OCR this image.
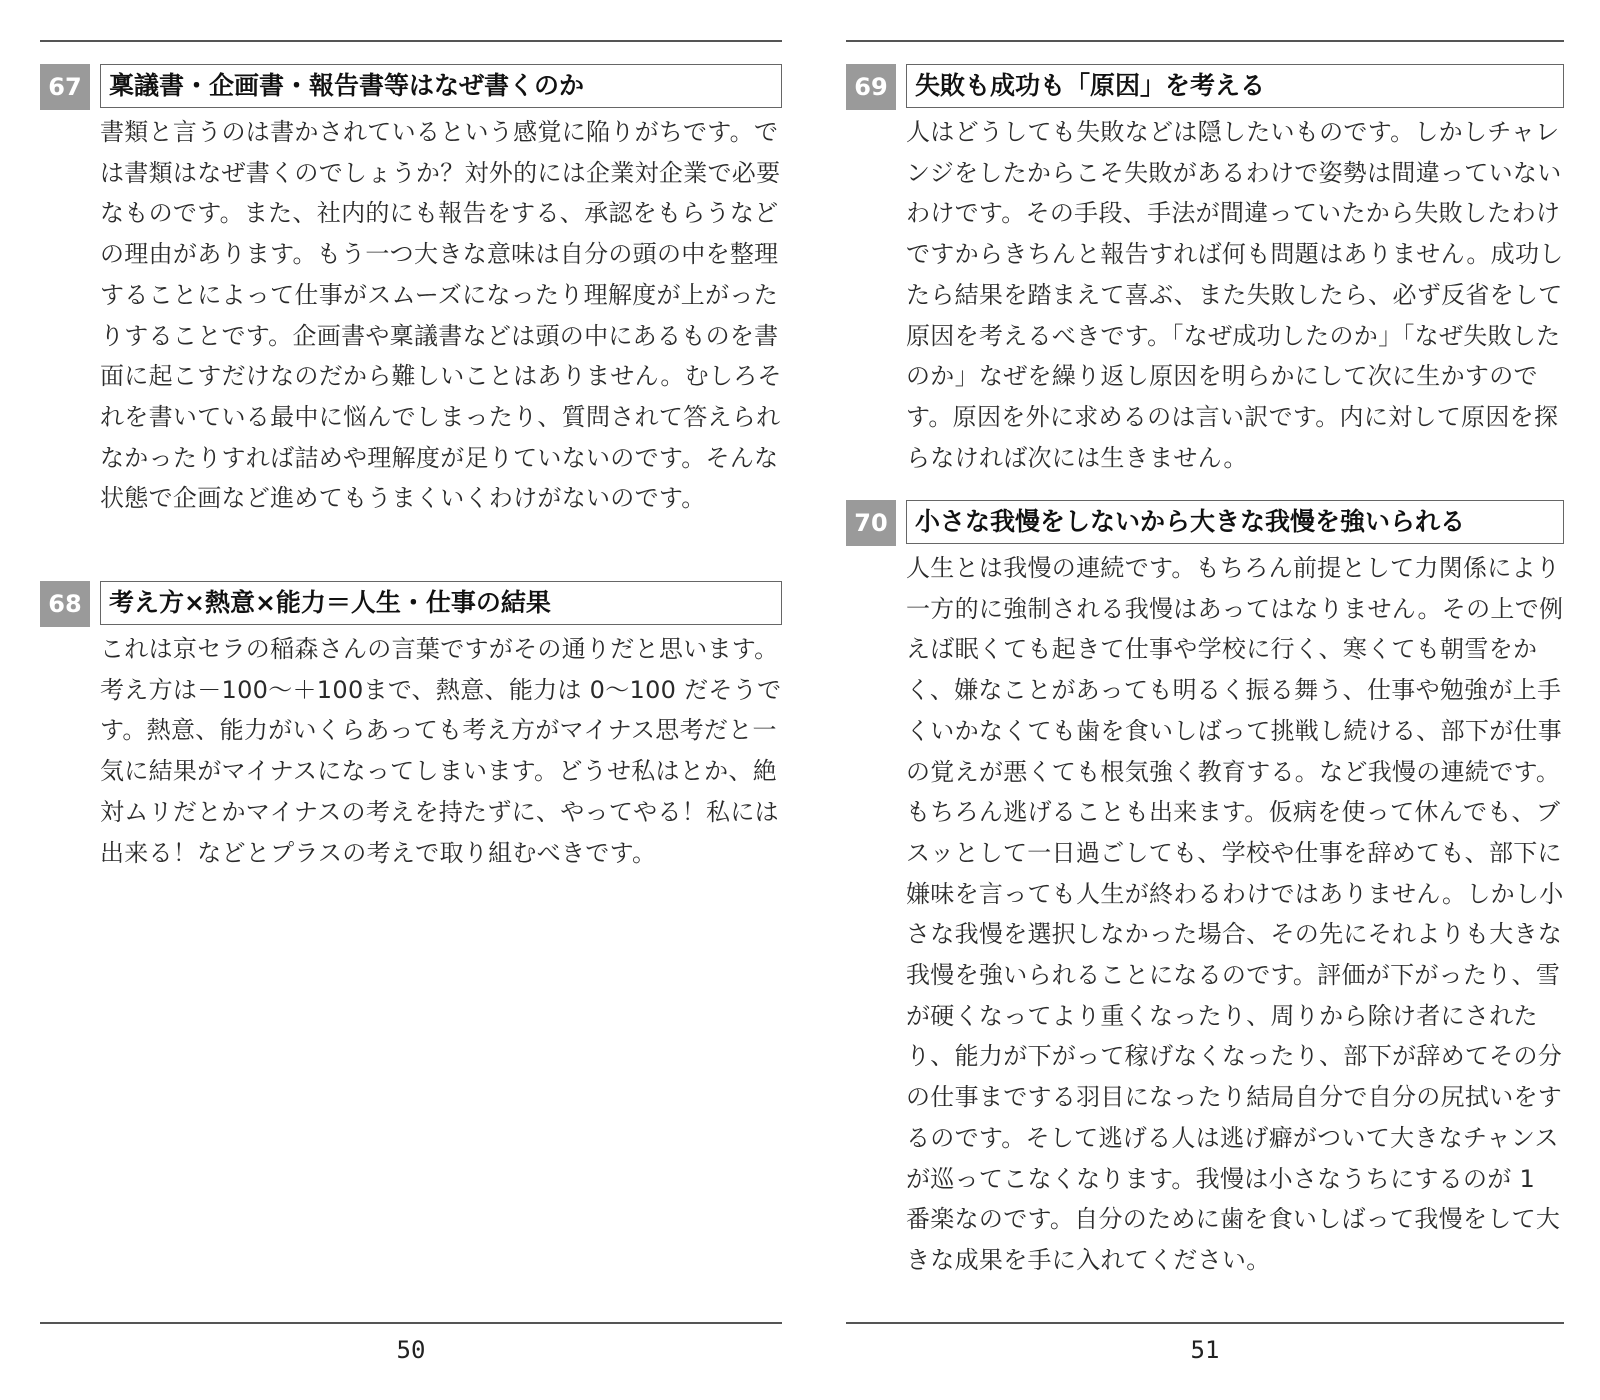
67	稟議書・企画書・報告書等はなぜ書くのか
書類と言うのは書かされているという感覚に陥りがちです。では書類はなぜ書くのでしょうか？対外的には企業対企業で必要なものです。また、社内的にも報告をする、承認をもらうなどの理由があります。もう一つ大きな意味は自分の頭の中を整理することによって仕事がスムーズになったり理解度が上がったりすることです。企画書や稟議書などは頭の中にあるものを書面に起こすだけなのだから難しいことはありません。むしろそれを書いている最中に悩んでしまったり、質問されて答えられなかったりすれば詰めや理解度が足りていないのです。そんな状態で企画など進めてもうまくいくわけがないのです。
68	考え方×熱意×能力＝人生・仕事の結果
これは京セラの稲森さんの言葉ですがその通りだと思います。考え方は－100～＋100まで、熱意、能力は 0～100 だそうです。熱意、能力がいくらあっても考え方がマイナス思考だと一気に結果がマイナスになってしまいます。どうせ私はとか、絶対ムリだとかマイナスの考えを持たずに、やってやる！私には出来る！などとプラスの考えで取り組むべきです。
50
69	失敗も成功も「原因」を考える
人はどうしても失敗などは隠したいものです。しかしチャレンジをしたからこそ失敗があるわけで姿勢は間違っていないわけです。その手段、手法が間違っていたから失敗したわけですからきちんと報告すれば何も問題はありません。成功したら結果を踏まえて喜ぶ、また失敗したら、必ず反省をして原因を考えるべきです。「なぜ成功したのか」「なぜ失敗したのか」なぜを繰り返し原因を明らかにして次に生かすのです。原因を外に求めるのは言い訳です。内に対して原因を探らなければ次には生きません。
70	小さな我慢をしないから大きな我慢を強いられる
人生とは我慢の連続です。もちろん前提として力関係により一方的に強制される我慢はあってはなりません。その上で例えば眠くても起きて仕事や学校に行く、寒くても朝雪をかく、嫌なことがあっても明るく振る舞う、仕事や勉強が上手くいかなくても歯を食いしばって挑戦し続ける、部下が仕事の覚えが悪くても根気強く教育する。など我慢の連続です。もちろん逃げることも出来ます。仮病を使って休んでも、ブスッとして一日過ごしても、学校や仕事を辞めても、部下に嫌味を言っても人生が終わるわけではありません。しかし小さな我慢を選択しなかった場合、その先にそれよりも大きな我慢を強いられることになるのです。評価が下がったり、雪が硬くなってより重くなったり、周りから除け者にされたり、能力が下がって稼げなくなったり、部下が辞めてその分の仕事までする羽目になったり結局自分で自分の尻拭いをするのです。そして逃げる人は逃げ癖がついて大きなチャンスが巡ってこなくなります。我慢は小さなうちにするのが 1 番楽なのです。自分のために歯を食いしばって我慢をして大きな成果を手に入れてください。
51
